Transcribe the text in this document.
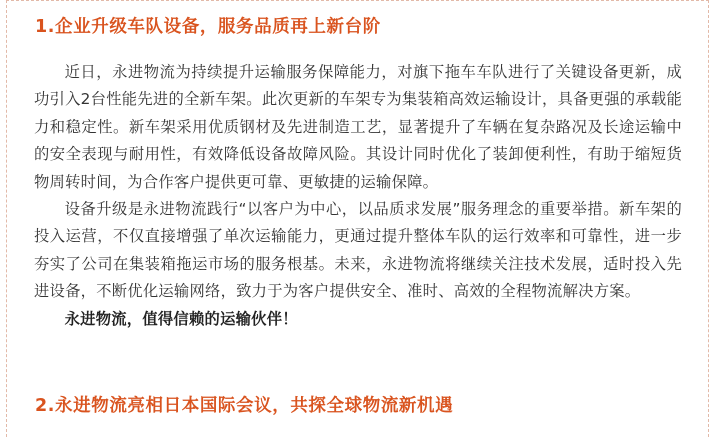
1.企业升级车队设备，服务品质再上新台阶

近日，永进物流为持续提升运输服务保障能力，对旗下拖车车队进行了关键设备更新，成功引入2台性能先进的全新车架。此次更新的车架专为集装箱高效运输设计，具备更强的承载能力和稳定性。新车架采用优质钢材及先进制造工艺，显著提升了车辆在复杂路况及长途运输中的安全表现与耐用性，有效降低设备故障风险。其设计同时优化了装卸便利性，有助于缩短货物周转时间，为合作客户提供更可靠、更敏捷的运输保障。

设备升级是永进物流践行“以客户为中心，以品质求发展”服务理念的重要举措。新车架的投入运营，不仅直接增强了单次运输能力，更通过提升整体车队的运行效率和可靠性，进一步夯实了公司在集装箱拖运市场的服务根基。未来，永进物流将继续关注技术发展，适时投入先进设备，不断优化运输网络，致力于为客户提供安全、准时、高效的全程物流解决方案。

永进物流，值得信赖的运输伙伴！

2.永进物流亮相日本国际会议，共探全球物流新机遇
